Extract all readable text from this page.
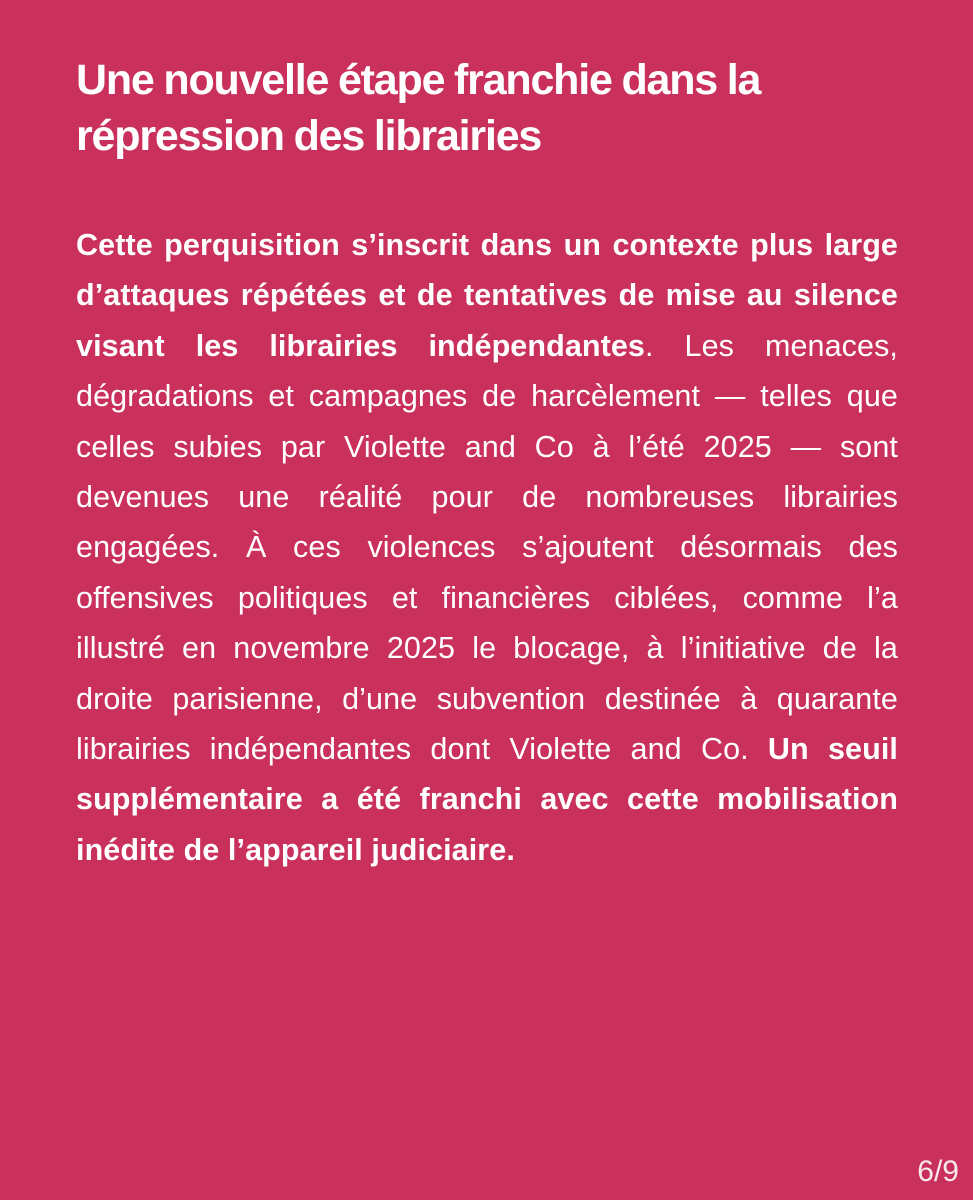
Une nouvelle étape franchie dans la répression des librairies

Cette perquisition s’inscrit dans un contexte plus large d’attaques répétées et de tentatives de mise au silence visant les librairies indépendantes. Les menaces, dégradations et campagnes de harcèlement — telles que celles subies par Violette and Co à l’été 2025 — sont devenues une réalité pour de nombreuses librairies engagées. À ces violences s’ajoutent désormais des offensives politiques et financières ciblées, comme l’a illustré en novembre 2025 le blocage, à l’initiative de la droite parisienne, d’une subvention destinée à quarante librairies indépendantes dont Violette and Co. Un seuil supplémentaire a été franchi avec cette mobilisation inédite de l’appareil judiciaire.

6/9
